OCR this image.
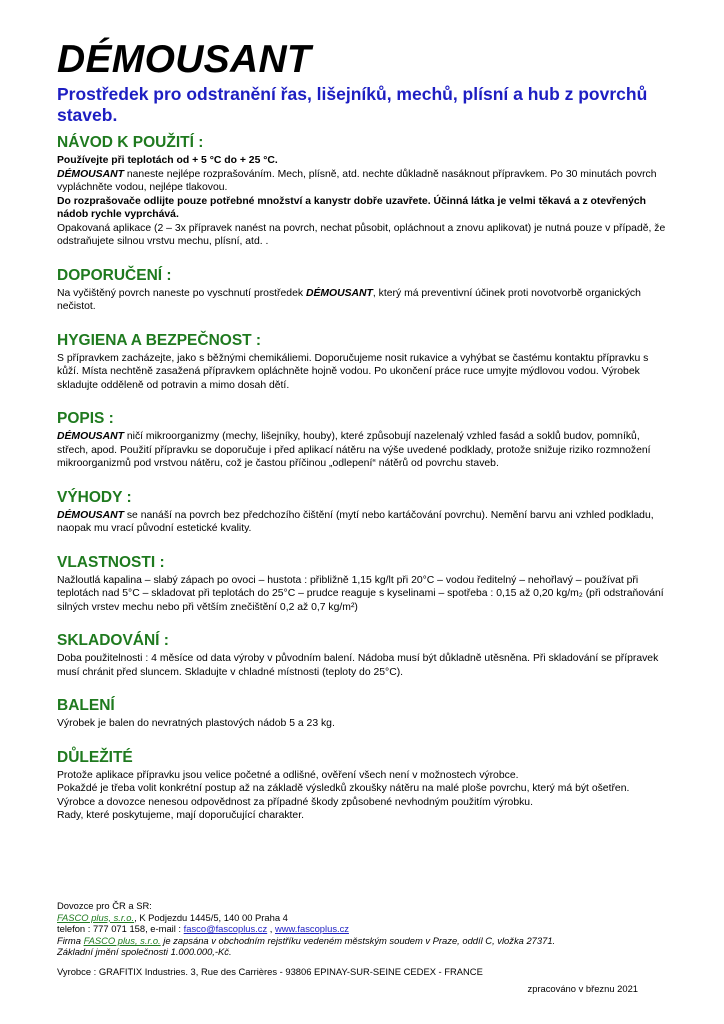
DÉMOUSANT

Prostředek pro odstranění řas, lišejníků, mechů, plísní a hub z povrchů staveb.

NÁVOD K POUŽITÍ :

Používejte při teplotách od + 5 °C do + 25 °C.

DÉMOUSANT naneste nejlépe rozprašováním. Mech, plísně, atd. nechte důkladně nasáknout přípravkem. Po 30 minutách povrch vypláchněte vodou, nejlépe tlakovou.

Do rozprašovače odlijte pouze potřebné množství a kanystr dobře uzavřete. Účinná látka je velmi těkavá a z otevřených nádob rychle vyprchává.

Opakovaná aplikace (2 – 3x přípravek nanést na povrch, nechat působit, opláchnout a znovu aplikovat) je nutná pouze v případě, že odstraňujete silnou vrstvu mechu, plísní, atd. .

DOPORUČENÍ :

Na vyčištěný povrch naneste po vyschnutí prostředek DÉMOUSANT, který má preventivní účinek proti novotvorbě organických nečistot.

HYGIENA A BEZPEČNOST :

S přípravkem zacházejte, jako s běžnými chemikáliemi. Doporučujeme nosit rukavice a vyhýbat se častému kontaktu přípravku s kůží. Místa nechtěně zasažená přípravkem opláchněte hojně vodou. Po ukončení práce ruce umyjte mýdlovou vodou. Výrobek skladujte odděleně od potravin a mimo dosah dětí.

POPIS :

DÉMOUSANT ničí mikroorganizmy (mechy, lišejníky, houby), které způsobují nazelenalý vzhled fasád a soklů budov, pomníků, střech, apod. Použití přípravku se doporučuje i před aplikací nátěru na výše uvedené podklady, protože snižuje riziko rozmnožení mikroorganizmů pod vrstvou nátěru, což je častou příčinou „odlepení“ nátěrů od povrchu staveb.

VÝHODY :

DÉMOUSANT se nanáší na povrch bez předchozího čištění (mytí nebo kartáčování povrchu). Nemění barvu ani vzhled podkladu, naopak mu vrací původní estetické kvality.

VLASTNOSTI :

Nažloutlá kapalina – slabý zápach po ovoci – hustota : přibližně 1,15 kg/lt při 20°C – vodou ředitelný – nehořlavý – používat při teplotách nad 5°C – skladovat při teplotách do 25°C – prudce reaguje s kyselinami – spotřeba : 0,15 až 0,20 kg/m₂ (při odstraňování silných vrstev mechu nebo při větším znečištění 0,2 až 0,7 kg/m²)

SKLADOVÁNÍ :

Doba použitelnosti : 4 měsíce od data výroby v původním balení. Nádoba musí být důkladně utěsněna. Při skladování se přípravek musí chránit před sluncem. Skladujte v chladné místnosti (teploty do 25°C).

BALENÍ

Výrobek je balen do nevratných plastových nádob 5 a 23 kg.

DŮLEŽITÉ

Protože aplikace přípravku jsou velice početné a odlišné, ověření všech není v možnostech výrobce.

Pokaždé je třeba volit konkrétní postup až na základě výsledků zkoušky nátěru na malé ploše povrchu, který má být ošetřen.

Výrobce a dovozce nenesou odpovědnost za případné škody způsobené nevhodným použitím výrobku.

Rady, které poskytujeme, mají doporučující charakter.

Dovozce pro ČR a SR:

FASCO plus, s.r.o., K Podjezdu 1445/5, 140 00 Praha 4

telefon : 777 071 158, e-mail : fasco@fascoplus.cz , www.fascoplus.cz

Firma FASCO plus, s.r.o. je zapsána v obchodním rejstříku vedeném městským soudem v Praze, oddíl C, vložka 27371.

Základní jmění společnosti 1.000.000,-Kč.

Vyrobce : GRAFITIX Industries. 3, Rue des Carrières - 93806 EPINAY-SUR-SEINE CEDEX - FRANCE
zpracováno v březnu 2021
